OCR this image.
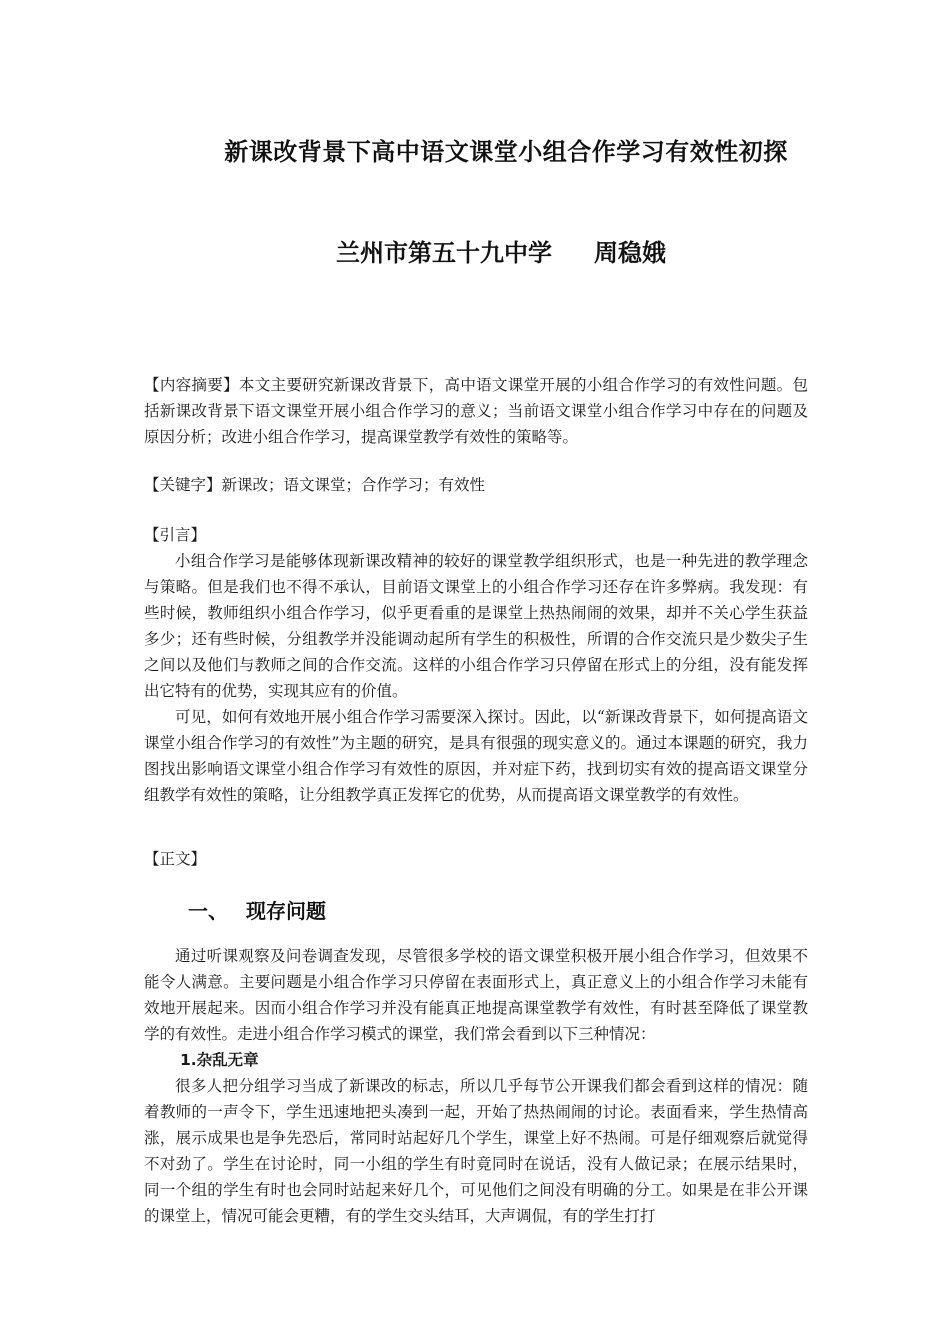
新课改背景下高中语文课堂小组合作学习有效性初探
兰州市第五十九中学 周稳娥

【内容摘要】本文主要研究新课改背景下，高中语文课堂开展的小组合作学习的有效性问题。包括新课改背景下语文课堂开展小组合作学习的意义；当前语文课堂小组合作学习中存在的问题及原因分析；改进小组合作学习，提高课堂教学有效性的策略等。

【关键字】新课改；语文课堂；合作学习；有效性

【引言】

小组合作学习是能够体现新课改精神的较好的课堂教学组织形式，也是一种先进的教学理念与策略。但是我们也不得不承认，目前语文课堂上的小组合作学习还存在许多弊病。我发现：有些时候，教师组织小组合作学习，似乎更看重的是课堂上热热闹闹的效果，却并不关心学生获益多少；还有些时候，分组教学并没能调动起所有学生的积极性，所谓的合作交流只是少数尖子生之间以及他们与教师之间的合作交流。这样的小组合作学习只停留在形式上的分组，没有能发挥出它特有的优势，实现其应有的价值。

可见，如何有效地开展小组合作学习需要深入探讨。因此，以“新课改背景下，如何提高语文课堂小组合作学习的有效性”为主题的研究，是具有很强的现实意义的。通过本课题的研究，我力图找出影响语文课堂小组合作学习有效性的原因，并对症下药，找到切实有效的提高语文课堂分组教学有效性的策略，让分组教学真正发挥它的优势，从而提高语文课堂教学的有效性。

【正文】

一、 现存问题

通过听课观察及问卷调查发现，尽管很多学校的语文课堂积极开展小组合作学习，但效果不能令人满意。主要问题是小组合作学习只停留在表面形式上，真正意义上的小组合作学习未能有效地开展起来。因而小组合作学习并没有能真正地提高课堂教学有效性，有时甚至降低了课堂教学的有效性。走进小组合作学习模式的课堂，我们常会看到以下三种情况：

1.杂乱无章

很多人把分组学习当成了新课改的标志，所以几乎每节公开课我们都会看到这样的情况：随着教师的一声令下，学生迅速地把头凑到一起，开始了热热闹闹的讨论。表面看来，学生热情高涨，展示成果也是争先恐后，常同时站起好几个学生，课堂上好不热闹。可是仔细观察后就觉得不对劲了。学生在讨论时，同一小组的学生有时竟同时在说话，没有人做记录；在展示结果时，同一个组的学生有时也会同时站起来好几个，可见他们之间没有明确的分工。如果是在非公开课的课堂上，情况可能会更糟，有的学生交头结耳，大声调侃，有的学生打打
